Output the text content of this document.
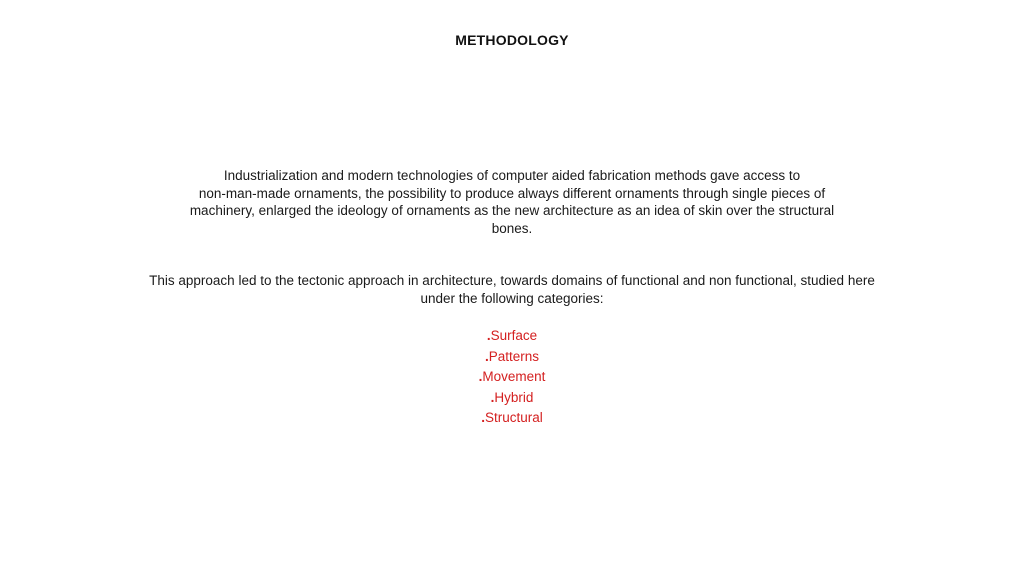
METHODOLOGY
Industrialization and modern technologies of computer aided fabrication methods gave access to
non-man-made ornaments, the possibility to produce always different ornaments through single pieces of
machinery, enlarged the ideology of ornaments as the new architecture as an idea of skin over the structural
bones.
This approach led to the tectonic approach in architecture, towards domains of functional and non functional, studied here
under the following categories:
.Surface
.Patterns
.Movement
.Hybrid
.Structural
